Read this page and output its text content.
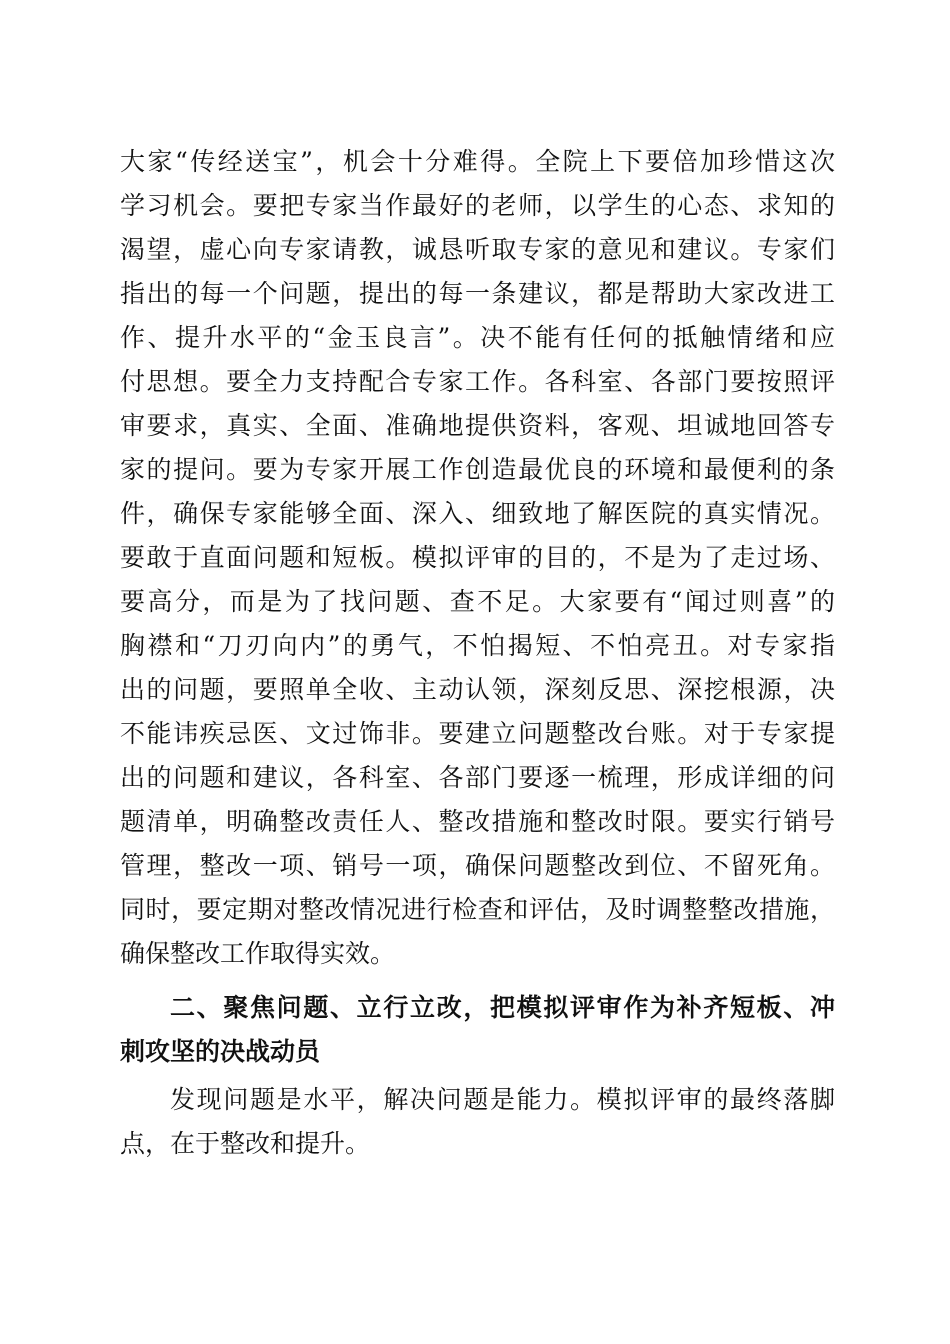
大家“传经送宝”，机会十分难得。全院上下要倍加珍惜这次
学习机会。要把专家当作最好的老师，以学生的心态、求知的
渴望，虚心向专家请教，诚恳听取专家的意见和建议。专家们
指出的每一个问题，提出的每一条建议，都是帮助大家改进工
作、提升水平的“金玉良言”。决不能有任何的抵触情绪和应
付思想。要全力支持配合专家工作。各科室、各部门要按照评
审要求，真实、全面、准确地提供资料，客观、坦诚地回答专
家的提问。要为专家开展工作创造最优良的环境和最便利的条
件，确保专家能够全面、深入、细致地了解医院的真实情况。
要敢于直面问题和短板。模拟评审的目的，不是为了走过场、
要高分，而是为了找问题、查不足。大家要有“闻过则喜”的
胸襟和“刀刃向内”的勇气，不怕揭短、不怕亮丑。对专家指
出的问题，要照单全收、主动认领，深刻反思、深挖根源，决
不能讳疾忌医、文过饰非。要建立问题整改台账。对于专家提
出的问题和建议，各科室、各部门要逐一梳理，形成详细的问
题清单，明确整改责任人、整改措施和整改时限。要实行销号
管理，整改一项、销号一项，确保问题整改到位、不留死角。
同时，要定期对整改情况进行检查和评估，及时调整整改措施，
确保整改工作取得实效。
二、聚焦问题、立行立改，把模拟评审作为补齐短板、冲
刺攻坚的决战动员
发现问题是水平，解决问题是能力。模拟评审的最终落脚
点，在于整改和提升。
